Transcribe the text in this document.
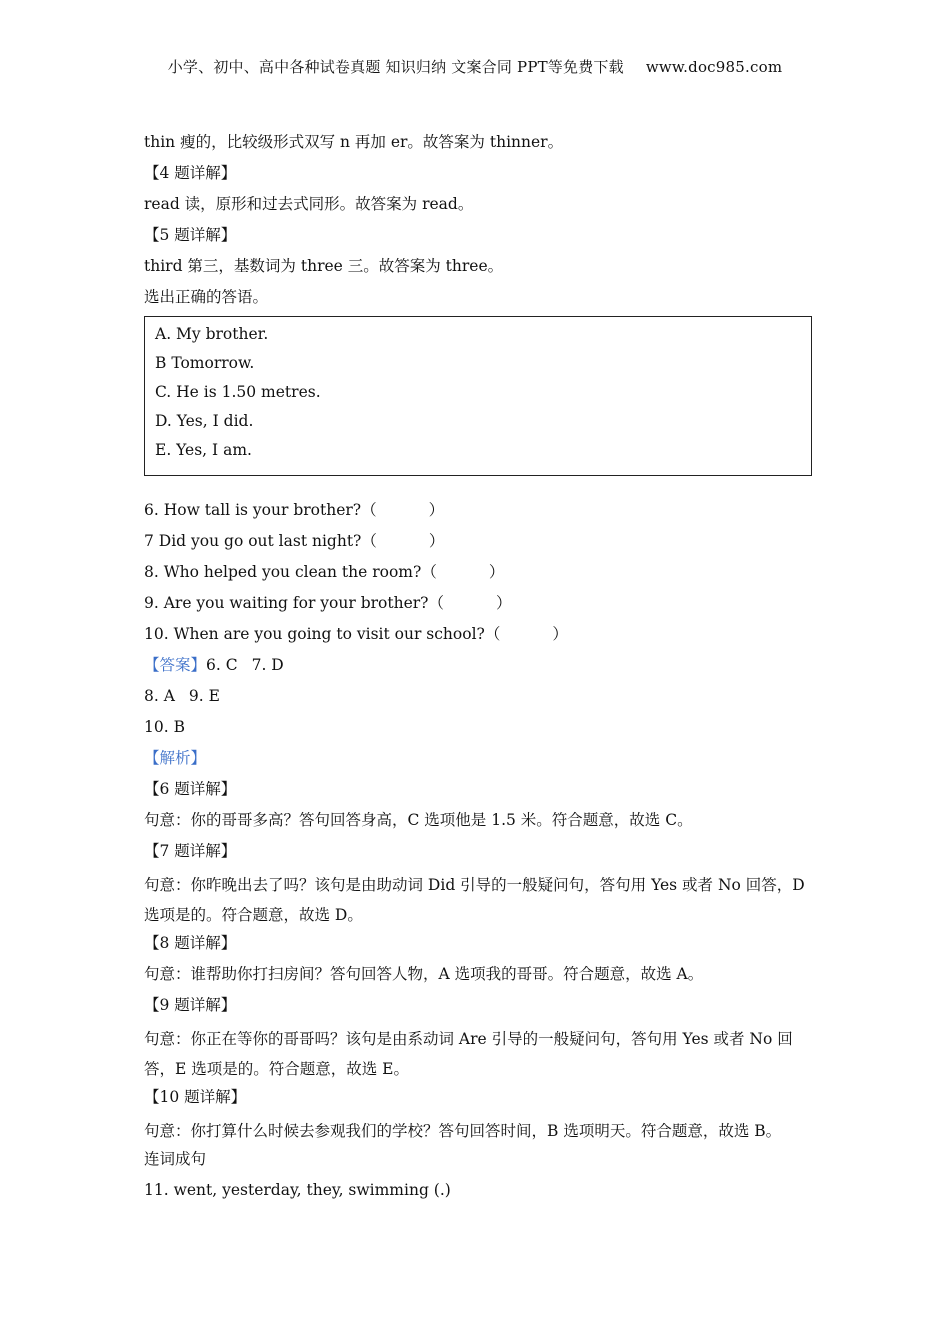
小学、初中、高中各种试卷真题 知识归纳 文案合同 PPT等免费下载 www.doc985.com
thin 瘦的，比较级形式双写 n 再加 er。故答案为 thinner。
【4 题详解】
read 读，原形和过去式同形。故答案为 read。
【5 题详解】
third 第三，基数词为 three 三。故答案为 three。
选出正确的答语。
A. My brother.
B Tomorrow.
C. He is 1.50 metres.
D. Yes, I did.
E. Yes, I am.
6. How tall is your brother?（	）
7 Did you go out last night?（	）
8. Who helped you clean the room?（	）
9. Are you waiting for your brother?（	）
10. When are you going to visit our school?（	）
【答案】6. C 7. D
8. A 9. E
10. B
【解析】
【6 题详解】
句意：你的哥哥多高？答句回答身高，C 选项他是 1.5 米。符合题意，故选 C。
【7 题详解】
句意：你昨晚出去了吗？该句是由助动词 Did 引导的一般疑问句，答句用 Yes 或者 No 回答，D 选项是的。符合题意，故选 D。
【8 题详解】
句意：谁帮助你打扫房间？答句回答人物，A 选项我的哥哥。符合题意，故选 A。
【9 题详解】
句意：你正在等你的哥哥吗？该句是由系动词 Are 引导的一般疑问句，答句用 Yes 或者 No 回答，E 选项是的。符合题意，故选 E。
【10 题详解】
句意：你打算什么时候去参观我们的学校？答句回答时间，B 选项明天。符合题意，故选 B。
连词成句
11. went, yesterday, they, swimming (.)
